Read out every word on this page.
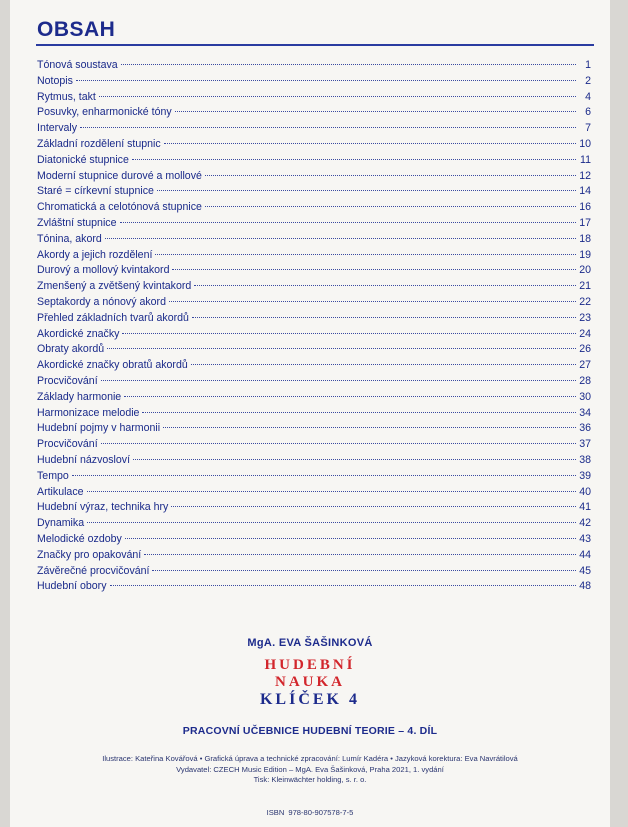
OBSAH
Tónová soustava	1
Notopis	2
Rytmus, takt	4
Posuvky, enharmonické tóny	6
Intervaly	7
Základní rozdělení stupnic	10
Diatonické stupnice	11
Moderní stupnice durové a mollové	12
Staré = církevní stupnice	14
Chromatická a celotónová stupnice	16
Zvláštní stupnice	17
Tónina, akord	18
Akordy a jejich rozdělení	19
Durový a mollový kvintakord	20
Zmenšený a zvětšený kvintakord	21
Septakordy a nónový akord	22
Přehled základních tvarů akordů	23
Akordické značky	24
Obraty akordů	26
Akordické značky obratů akordů	27
Procvičování	28
Základy harmonie	30
Harmonizace melodie	34
Hudební pojmy v harmonii	36
Procvičování	37
Hudební názvosloví	38
Tempo	39
Artikulace	40
Hudební výraz, technika hry	41
Dynamika	42
Melodické ozdoby	43
Značky pro opakování	44
Závěrečné procvičování	45
Hudební obory	48
MgA. EVA ŠAŠINKOVÁ
HUDEBNÍ
NAUKA
KLÍČEK 4
PRACOVNÍ UČEBNICE HUDEBNÍ TEORIE – 4. DÍL
Ilustrace: Kateřina Kovářová • Grafická úprava a technické zpracování: Lumír Kadéra • Jazyková korektura: Eva Navrátilová
Vydavatel: CZECH Music Edition – MgA. Eva Šašinková, Praha 2021, 1. vydání
Tisk: Kleinwächter holding, s. r. o.
ISBN 978-80-907578-7-5
